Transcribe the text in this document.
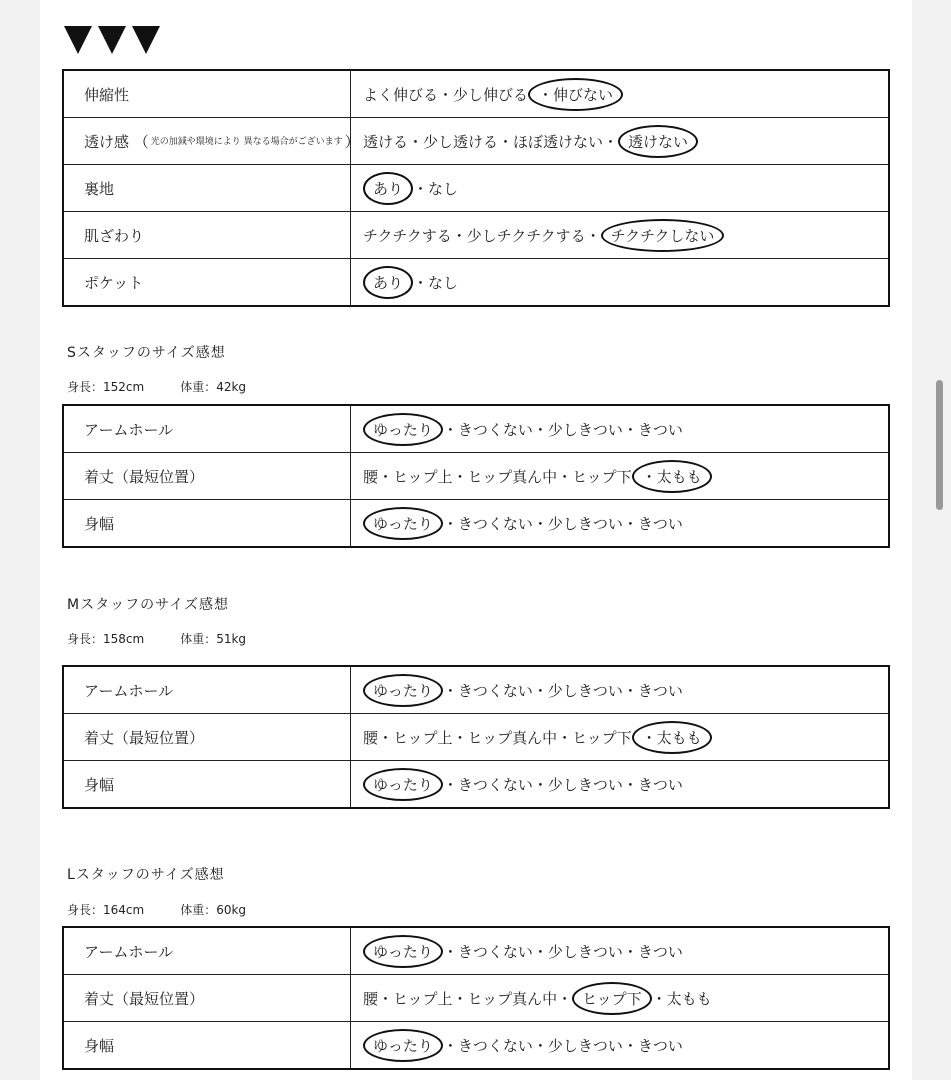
伸縮性	よく伸びる・少し伸びる ・伸びない
透け感 （ 光の加減や環境により 異なる場合がございます ）	透ける・少し透ける・ほぼ透けない・ 透けない
裏地	あり ・なし
肌ざわり	チクチクする・少しチクチクする・ チクチクしない
ポケット	あり ・なし
Sスタッフのサイズ感想
身長：152cm	体重：42kg
アームホール	ゆったり ・きつくない・少しきつい・きつい
着丈（最短位置）	腰・ヒップ上・ヒップ真ん中・ヒップ下 ・太もも
身幅	ゆったり ・きつくない・少しきつい・きつい
Mスタッフのサイズ感想
身長：158cm	体重：51kg
アームホール	ゆったり ・きつくない・少しきつい・きつい
着丈（最短位置）	腰・ヒップ上・ヒップ真ん中・ヒップ下 ・太もも
身幅	ゆったり ・きつくない・少しきつい・きつい
Lスタッフのサイズ感想
身長：164cm	体重：60kg
アームホール	ゆったり ・きつくない・少しきつい・きつい
着丈（最短位置）	腰・ヒップ上・ヒップ真ん中・ ヒップ下 ・太もも
身幅	ゆったり ・きつくない・少しきつい・きつい
